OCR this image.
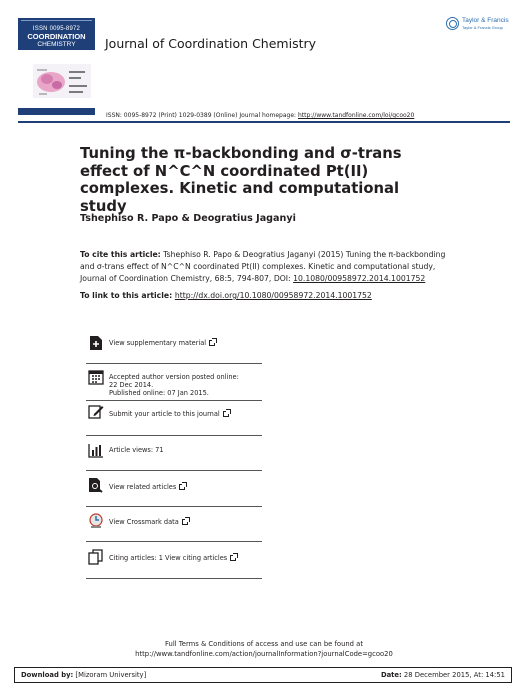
ISSN 0095-8972
COORDINATION
CHEMISTRY	Journal of Coordination Chemistry
Taylor & Francis
Taylor & Francis Group
ISSN: 0095-8972 (Print) 1029-0389 (Online) Journal homepage: http://www.tandfonline.com/loi/gcoo20
Tuning the π-backbonding and σ-trans effect of N^C^N coordinated Pt(II) complexes. Kinetic and computational study
Tshephiso R. Papo & Deogratius Jaganyi
To cite this article: Tshephiso R. Papo & Deogratius Jaganyi (2015) Tuning the π-backbonding and σ-trans effect of N^C^N coordinated Pt(II) complexes. Kinetic and computational study, Journal of Coordination Chemistry, 68:5, 794-807, DOI: 10.1080/00958972.2014.1001752
To link to this article: http://dx.doi.org/10.1080/00958972.2014.1001752
View supplementary material
Accepted author version posted online: 22 Dec 2014.
Published online: 07 Jan 2015.
Submit your article to this journal
Article views: 71
View related articles
View Crossmark data
Citing articles: 1 View citing articles
Full Terms & Conditions of access and use can be found at
http://www.tandfonline.com/action/journalInformation?journalCode=gcoo20
Download by: [Mizoram University]	Date: 28 December 2015, At: 14:51
